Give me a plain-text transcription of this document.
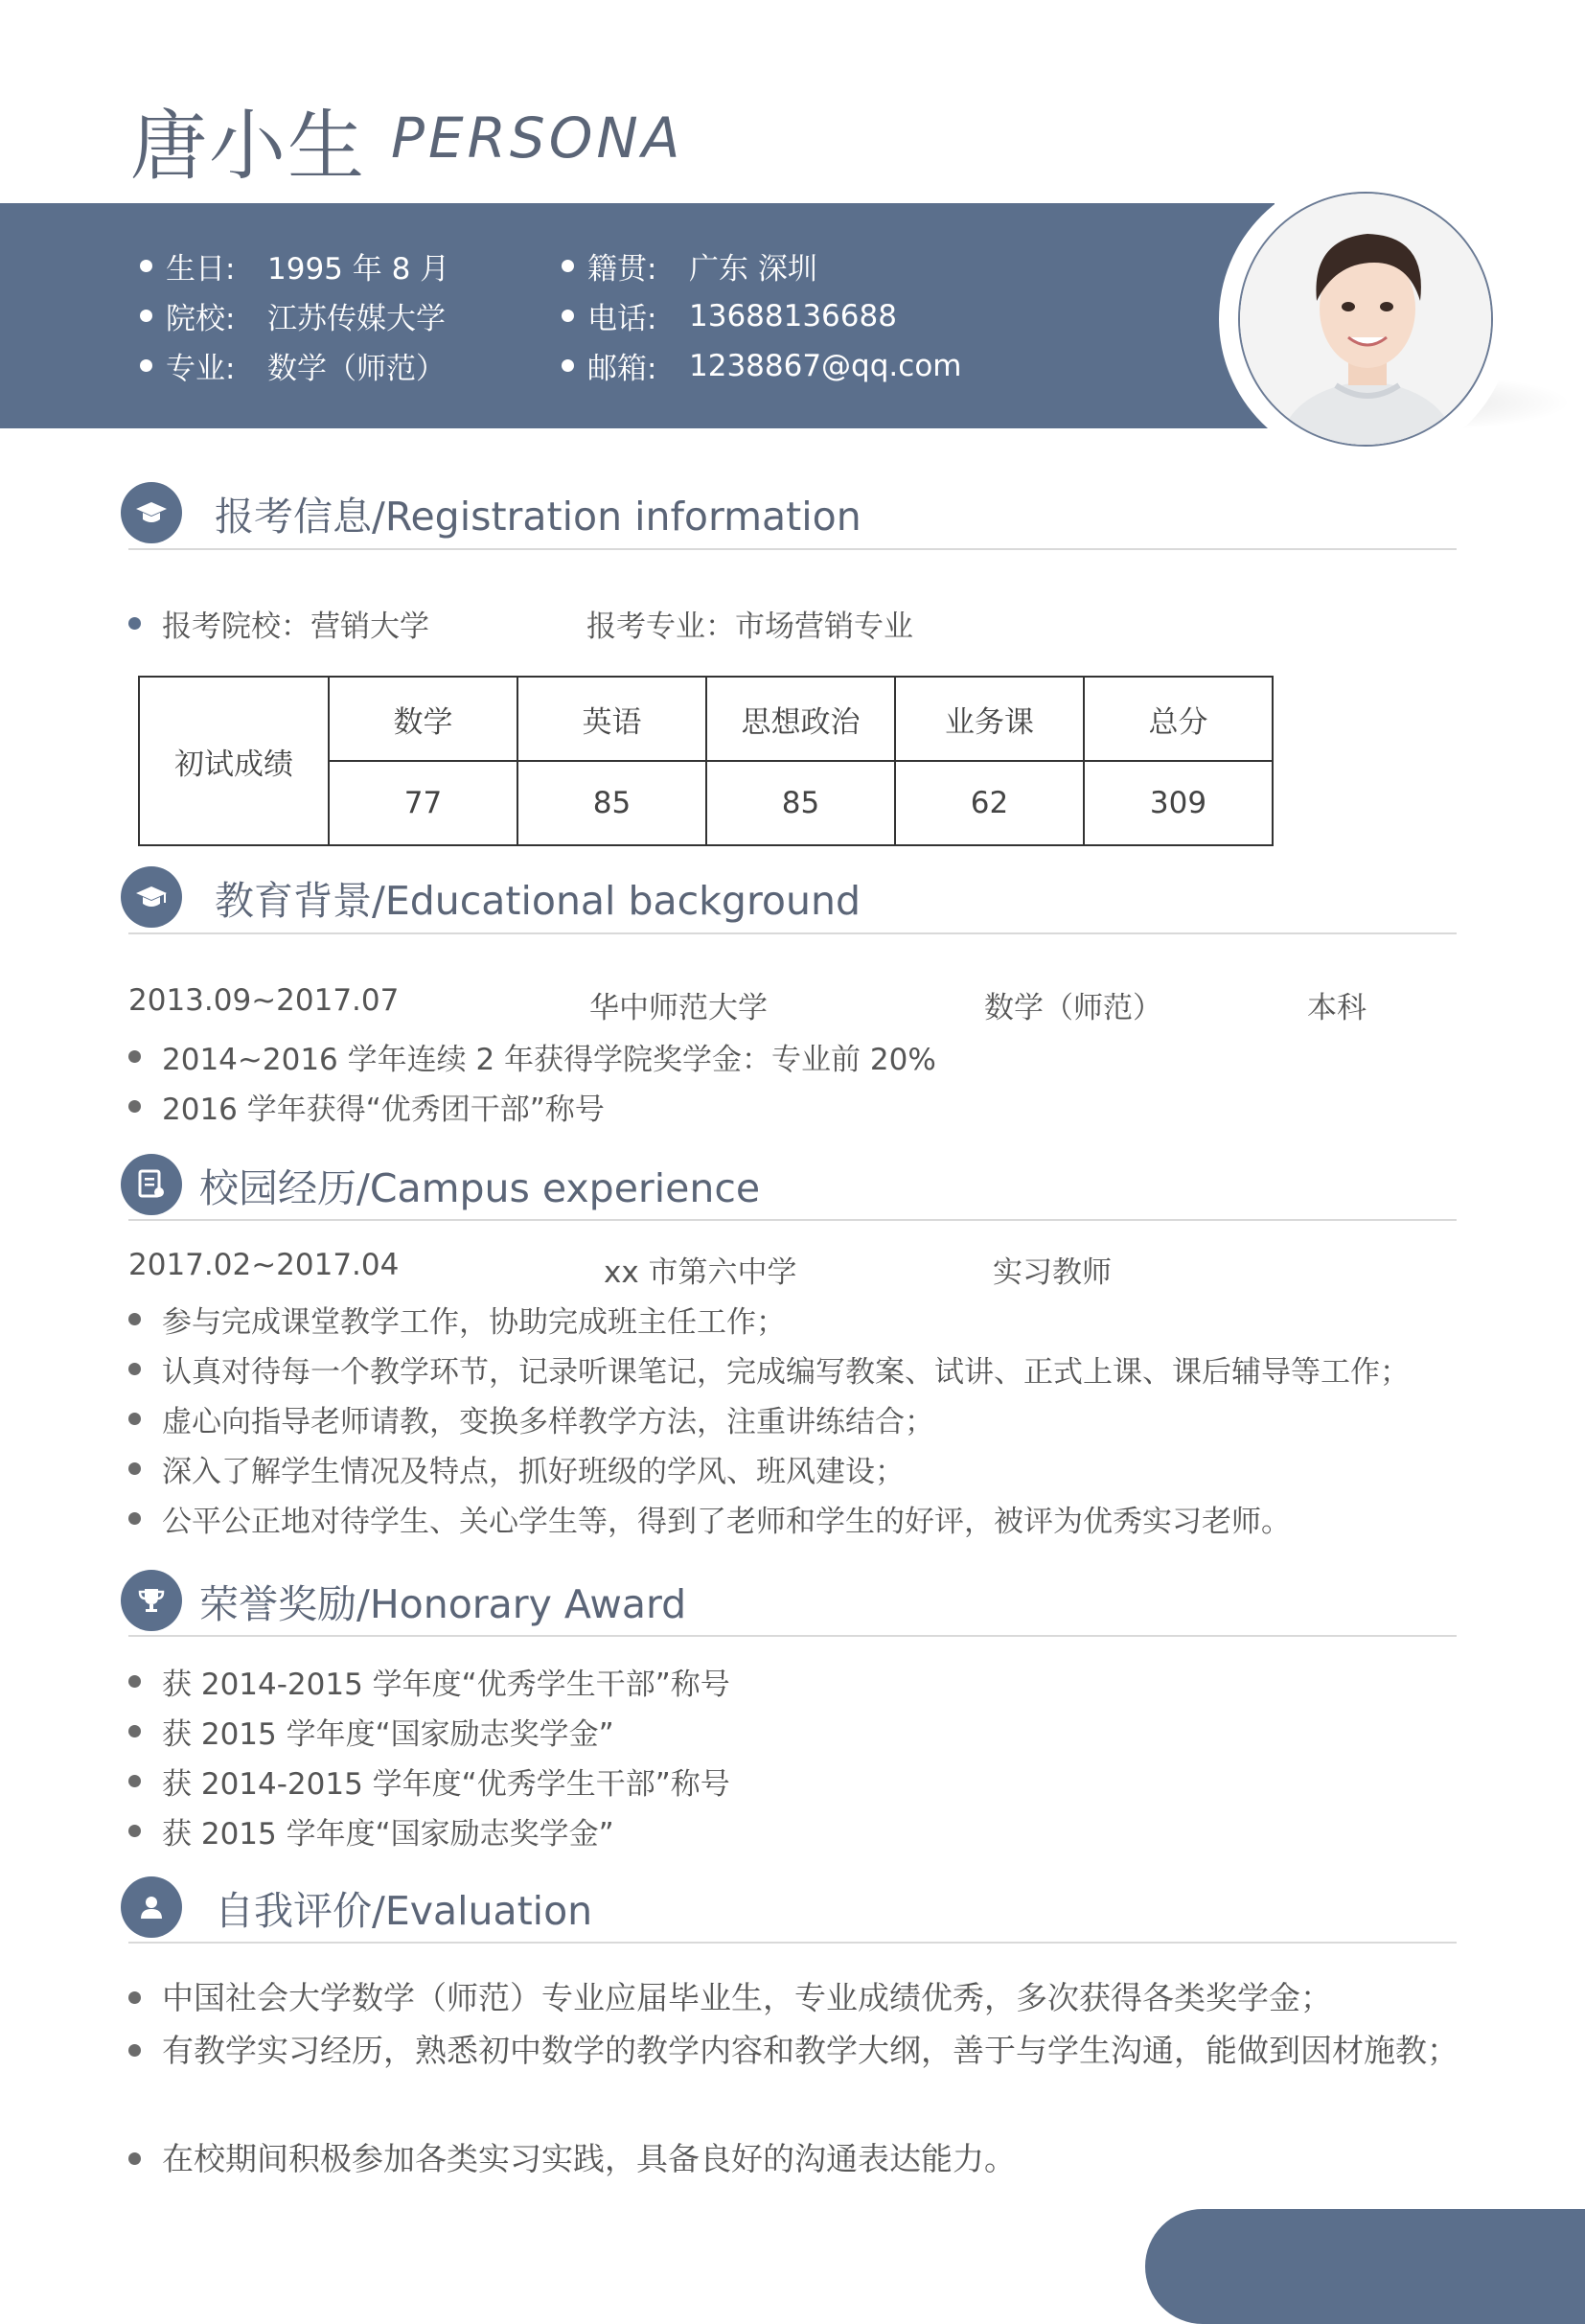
唐小生 PERSONA
生日:	1995 年 8 月
院校:	江苏传媒大学
专业:	数学（师范）
籍贯:	广东 深圳
电话:	13688136688
邮箱:	1238867@qq.com
报考信息/Registration information
报考院校：营销大学	报考专业：市场营销专业
初试成绩	数学	英语	思想政治	业务课	总分
	77	85	85	62	309
教育背景/Educational background
2013.09~2017.07	华中师范大学	数学（师范）	本科
2014~2016 学年连续 2 年获得学院奖学金：专业前 20%
2016 学年获得“优秀团干部”称号
校园经历/Campus experience
2017.02~2017.04	xx 市第六中学	实习教师
参与完成课堂教学工作，协助完成班主任工作；
认真对待每一个教学环节，记录听课笔记，完成编写教案、试讲、正式上课、课后辅导等工作；
虚心向指导老师请教，变换多样教学方法，注重讲练结合；
深入了解学生情况及特点，抓好班级的学风、班风建设；
公平公正地对待学生、关心学生等，得到了老师和学生的好评，被评为优秀实习老师。
荣誉奖励/Honorary Award
获 2014-2015 学年度“优秀学生干部”称号
获 2015 学年度“国家励志奖学金”
获 2014-2015 学年度“优秀学生干部”称号
获 2015 学年度“国家励志奖学金”
自我评价/Evaluation
中国社会大学数学（师范）专业应届毕业生，专业成绩优秀，多次获得各类奖学金；
有教学实习经历，熟悉初中数学的教学内容和教学大纲，善于与学生沟通，能做到因材施教；
在校期间积极参加各类实习实践，具备良好的沟通表达能力。
